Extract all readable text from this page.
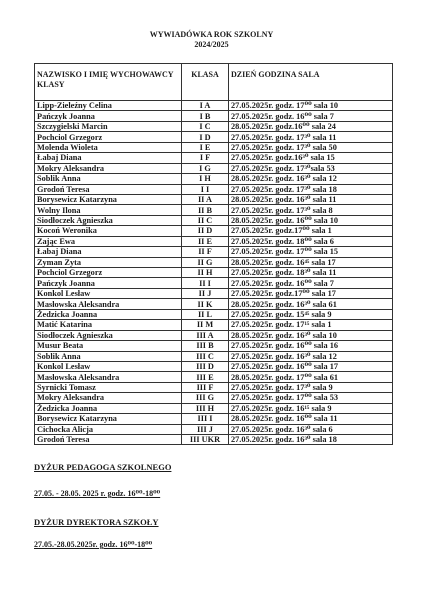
WYWIADÓWKA ROK SZKOLNY
2024/2025
NAZWISKO I IMIĘ WYCHOWAWCY KLASY	KLASA	DZIEŃ GODZINA SALA
Lipp-Zieleźny Celina	I A	27.05.2025r. godz. 17⁰⁰ sala 10
Pańczyk Joanna	I B	27.05.2025r. godz. 16⁰⁰ sala 7
Szczygielski Marcin	I C	28.05.2025r. godz.16⁰⁰ sala 24
Pochciol Grzegorz	I D	27.05.2025r. godz. 17³⁰ sala 11
Molenda Wioleta	I E	27.05.2025r. godz. 17³⁰ sala 50
Łabaj Diana	I F	27.05.2025r. godz.16³⁰ sala 15
Mokry Aleksandra	I G	27.05.2025r. godz. 17³⁰sala 53
Soblik Anna	I H	28.05.2025r. godz. 16³⁰ sala 12
Grodoń Teresa	I I	27.05.2025r. godz. 17³⁰ sala 18
Borysewicz Katarzyna	II A	28.05.2025r. godz. 16³⁰ sala 11
Wolny Ilona	II B	27.05.2025r. godz. 17³⁰ sala 8
Siodłoczek Agnieszka	II C	28.05.2025r. godz. 16⁰⁰ sala 10
Kocoń Weronika	II D	27.05.2025r. godz.17⁰⁰ sala 1
Zając Ewa	II E	27.05.2025r. godz. 18⁰⁰ sala 6
Łabaj Diana	II F	27.05.2025r. godz. 17⁰⁰ sala 15
Zyman Zyta	II G	28.05.2025r. godz. 16⁴⁵ sala 17
Pochciol Grzegorz	II H	27.05.2025r. godz. 18³⁰ sala 11
Pańczyk Joanna	II I	27.05.2025r. godz. 16⁰⁰ sala 7
Konkol Lesław	II J	27.05.2025r. godz.17⁰⁰ sala 17
Masłowska Aleksandra	II K	28.05.2025r. godz. 16³⁰ sala 61
Żedzicka Joanna	II L	27.05.2025r. godz. 15⁴⁵ sala 9
Matić Katarina	II M	27.05.2025r. godz. 17¹⁵ sala 1
Siodłoczek Agnieszka	III A	28.05.2025r. godz. 16³⁰ sala 10
Musur Beata	III B	27.05.2025r. godz. 16⁰⁰ sala 16
Soblik Anna	III C	27.05.2025r. godz. 16³⁰ sala 12
Konkol Lesław	III D	27.05.2025r. godz. 16⁰⁰ sala 17
Masłowska Aleksandra	III E	28.05.2025r. godz. 17⁰⁰ sala 61
Syrnicki Tomasz	III F	27.05.2025r. godz. 17³⁰ sala 9
Mokry Aleksandra	III G	27.05.2025r. godz. 17⁰⁰ sala 53
Żedzicka Joanna	III H	27.05.2025r. godz. 16¹⁵ sala 9
Borysewicz Katarzyna	III I	28.05.2025r. godz. 16⁰⁰ sala 11
Cichocka Alicja	III J	27.05.2025r. godz. 16³⁰ sala 6
Grodoń Teresa	III UKR	27.05.2025r. godz. 16³⁰ sala 18
DYŻUR PEDAGOGA SZKOLNEGO
27.05. - 28.05. 2025 r. godz. 16⁰⁰-18⁰⁰
DYŻUR DYREKTORA SZKOŁY
27.05.-28.05.2025r. godz. 16⁰⁰-18⁰⁰
